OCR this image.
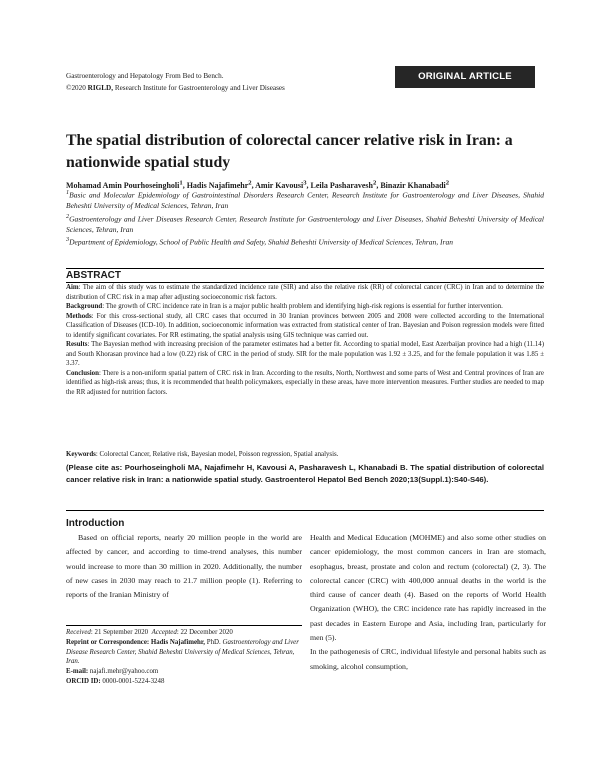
Gastroenterology and Hepatology From Bed to Bench.
©2020 RIGLD, Research Institute for Gastroenterology and Liver Diseases
ORIGINAL ARTICLE
The spatial distribution of colorectal cancer relative risk in Iran: a nationwide spatial study
Mohamad Amin Pourhoseingholi$^1$, Hadis Najafimehr$^2$, Amir Kavousi$^3$, Leila Pasharavesh$^2$, Binazir Khanabadi$^2$

$^1$Basic and Molecular Epidemiology of Gastrointestinal Disorders Research Center, Research Institute for Gastroenterology and Liver Diseases, Shahid Beheshti University of Medical Sciences, Tehran, Iran

$^2$Gastroenterology and Liver Diseases Research Center, Research Institute for Gastroenterology and Liver Diseases, Shahid Beheshti University of Medical Sciences, Tehran, Iran

$^3$Department of Epidemiology, School of Public Health and Safety, Shahid Beheshti University of Medical Sciences, Tehran, Iran

ABSTRACT

Aim: The aim of this study was to estimate the standardized incidence rate (SIR) and also the relative risk (RR) of colorectal cancer (CRC) in Iran and to determine the distribution of CRC risk in a map after adjusting socioeconomic risk factors.

Background: The growth of CRC incidence rate in Iran is a major public health problem and identifying high-risk regions is essential for further intervention.

Methods: For this cross-sectional study, all CRC cases that occurred in 30 Iranian provinces between 2005 and 2008 were collected according to the International Classification of Diseases (ICD-10). In addition, socioeconomic information was extracted from statistical center of Iran. Bayesian and Poison regression models were fitted to identify significant covariates. For RR estimating, the spatial analysis using GIS technique was carried out.

Results: The Bayesian method with increasing precision of the parameter estimates had a better fit. According to spatial model, East Azerbaijan province had a high (11.14) and South Khorasan province had a low (0.22) risk of CRC in the period of study. SIR for the male population was 1.92 ± 3.25, and for the female population it was 1.85 ± 3.37.

Conclusion: There is a non-uniform spatial pattern of CRC risk in Iran. According to the results, North, Northwest and some parts of West and Central provinces of Iran are identified as high-risk areas; thus, it is recommended that health policymakers, especially in these areas, have more intervention measures. Further studies are needed to map the RR adjusted for nutrition factors.

Keywords: Colorectal Cancer, Relative risk, Bayesian model, Poisson regression, Spatial analysis.
(Please cite as: Pourhoseingholi MA, Najafimehr H, Kavousi A, Pasharavesh L, Khanabadi B. The spatial distribution of colorectal cancer relative risk in Iran: a nationwide spatial study. Gastroenterol Hepatol Bed Bench 2020;13(Suppl.1):S40-S46).
Introduction

Based on official reports, nearly 20 million people in the world are affected by cancer, and according to time-trend analyses, this number would increase to more than 30 million in 2020. Additionally, the number of new cases in 2030 may reach to 21.7 million people (1). Referring to reports of the Iranian Ministry of

Health and Medical Education (MOHME) and also some other studies on cancer epidemiology, the most common cancers in Iran are stomach, esophagus, breast, prostate and colon and rectum (colorectal) (2, 3). The colorectal cancer (CRC) with 400,000 annual deaths in the world is the third cause of cancer death (4). Based on the reports of World Health Organization (WHO), the CRC incidence rate has rapidly increased in the past decades in Eastern Europe and Asia, including Iran, particularly for men (5).

In the pathogenesis of CRC, individual lifestyle and personal habits such as smoking, alcohol consumption,

Received: 21 September 2020 Accepted: 22 December 2020

Reprint or Correspondence: Hadis Najafimehr, PhD. Gastroenterology and Liver Disease Research Center, Shahid Beheshti University of Medical Sciences, Tehran, Iran.

E-mail: najafi.mehr@yahoo.com

ORCID ID: 0000-0001-5224-3248
